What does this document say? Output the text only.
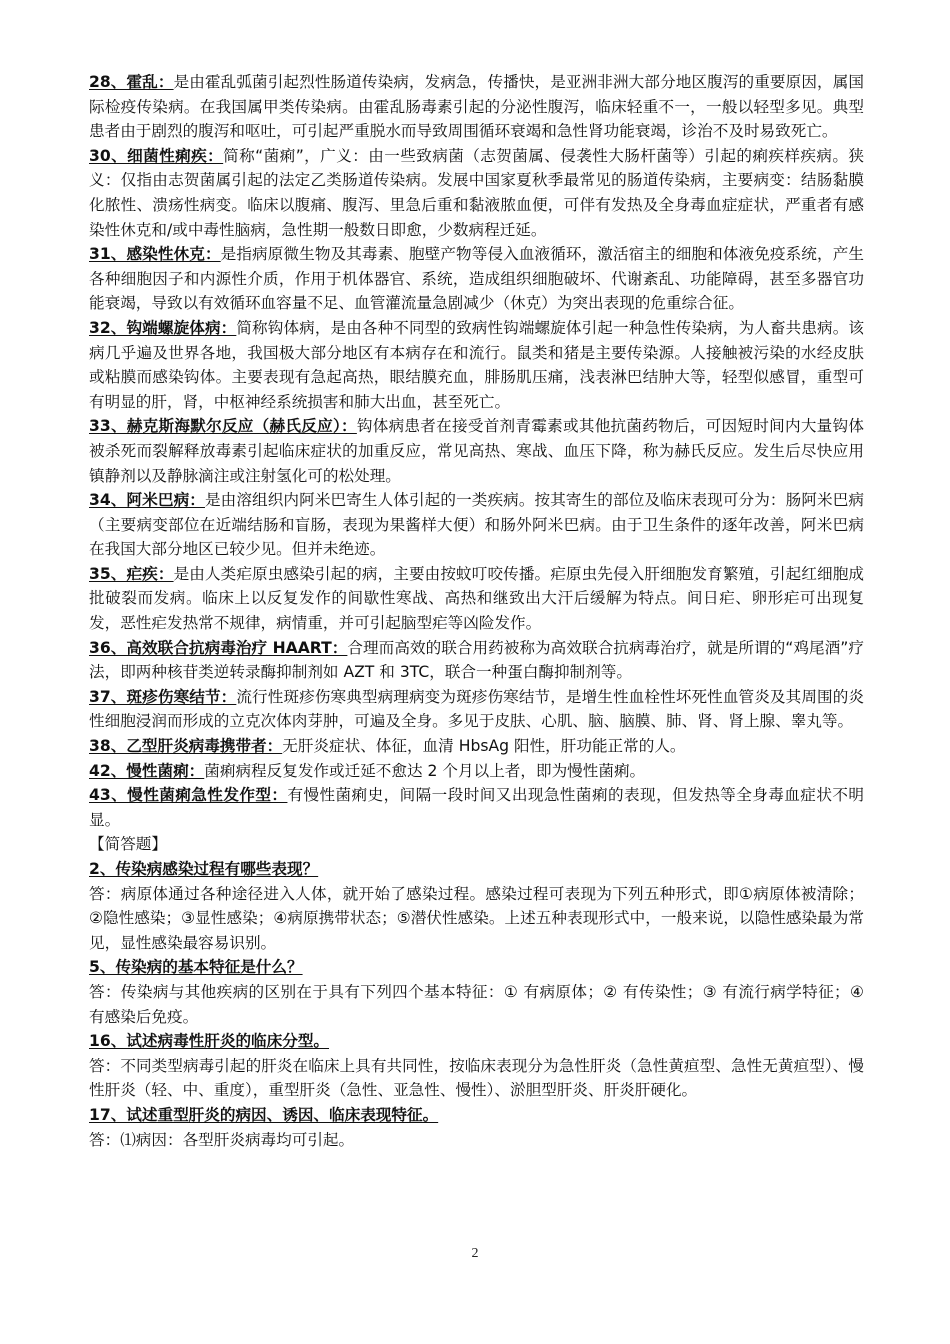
28、霍乱：是由霍乱弧菌引起烈性肠道传染病，发病急，传播快，是亚洲非洲大部分地区腹泻的重要原因，属国际检疫传染病。在我国属甲类传染病。由霍乱肠毒素引起的分泌性腹泻，临床轻重不一，一般以轻型多见。典型患者由于剧烈的腹泻和呕吐，可引起严重脱水而导致周围循环衰竭和急性肾功能衰竭，诊治不及时易致死亡。

30、细菌性痢疾：简称“菌痢”，广义：由一些致病菌（志贺菌属、侵袭性大肠杆菌等）引起的痢疾样疾病。狭义：仅指由志贺菌属引起的法定乙类肠道传染病。发展中国家夏秋季最常见的肠道传染病，主要病变：结肠黏膜化脓性、溃疡性病变。临床以腹痛、腹泻、里急后重和黏液脓血便，可伴有发热及全身毒血症症状，严重者有感染性休克和/或中毒性脑病，急性期一般数日即愈，少数病程迁延。

31、感染性休克：是指病原微生物及其毒素、胞壁产物等侵入血液循环，激活宿主的细胞和体液免疫系统，产生各种细胞因子和内源性介质，作用于机体器官、系统，造成组织细胞破坏、代谢紊乱、功能障碍，甚至多器官功能衰竭，导致以有效循环血容量不足、血管灌流量急剧减少（休克）为突出表现的危重综合征。

32、钩端螺旋体病：简称钩体病，是由各种不同型的致病性钩端螺旋体引起一种急性传染病，为人畜共患病。该病几乎遍及世界各地，我国极大部分地区有本病存在和流行。鼠类和猪是主要传染源。人接触被污染的水经皮肤或粘膜而感染钩体。主要表现有急起高热，眼结膜充血，腓肠肌压痛，浅表淋巴结肿大等，轻型似感冒，重型可有明显的肝，肾，中枢神经系统损害和肺大出血，甚至死亡。

33、赫克斯海默尔反应（赫氏反应）：钩体病患者在接受首剂青霉素或其他抗菌药物后，可因短时间内大量钩体被杀死而裂解释放毒素引起临床症状的加重反应，常见高热、寒战、血压下降，称为赫氏反应。发生后尽快应用镇静剂以及静脉滴注或注射氢化可的松处理。

34、阿米巴病：是由溶组织内阿米巴寄生人体引起的一类疾病。按其寄生的部位及临床表现可分为：肠阿米巴病（主要病变部位在近端结肠和盲肠，表现为果酱样大便）和肠外阿米巴病。由于卫生条件的逐年改善，阿米巴病在我国大部分地区已较少见。但并未绝迹。

35、疟疾：是由人类疟原虫感染引起的病，主要由按蚊叮咬传播。疟原虫先侵入肝细胞发育繁殖，引起红细胞成批破裂而发病。临床上以反复发作的间歇性寒战、高热和继致出大汗后缓解为特点。间日疟、卵形疟可出现复发，恶性疟发热常不规律，病情重，并可引起脑型疟等凶险发作。

36、高效联合抗病毒治疗 HAART：合理而高效的联合用药被称为高效联合抗病毒治疗，就是所谓的“鸡尾酒”疗法，即两种核苷类逆转录酶抑制剂如 AZT 和 3TC，联合一种蛋白酶抑制剂等。

37、斑疹伤寒结节：流行性斑疹伤寒典型病理病变为斑疹伤寒结节，是增生性血栓性坏死性血管炎及其周围的炎性细胞浸润而形成的立克次体肉芽肿，可遍及全身。多见于皮肤、心肌、脑、脑膜、肺、肾、肾上腺、睾丸等。

38、乙型肝炎病毒携带者：无肝炎症状、体征，血清 HbsAg 阳性，肝功能正常的人。

42、慢性菌痢：菌痢病程反复发作或迁延不愈达 2 个月以上者，即为慢性菌痢。

43、慢性菌痢急性发作型：有慢性菌痢史，间隔一段时间又出现急性菌痢的表现，但发热等全身毒血症状不明显。

【简答题】

2、传染病感染过程有哪些表现？

答：病原体通过各种途径进入人体，就开始了感染过程。感染过程可表现为下列五种形式，即①病原体被清除；②隐性感染；③显性感染；④病原携带状态；⑤潜伏性感染。上述五种表现形式中，一般来说，以隐性感染最为常见，显性感染最容易识别。

5、传染病的基本特征是什么？

答：传染病与其他疾病的区别在于具有下列四个基本特征：① 有病原体；② 有传染性；③ 有流行病学特征；④ 有感染后免疫。

16、试述病毒性肝炎的临床分型。

答：不同类型病毒引起的肝炎在临床上具有共同性，按临床表现分为急性肝炎（急性黄疸型、急性无黄疸型）、慢性肝炎（轻、中、重度），重型肝炎（急性、亚急性、慢性）、淤胆型肝炎、肝炎肝硬化。

17、试述重型肝炎的病因、诱因、临床表现特征。

答：⑴病因：各型肝炎病毒均可引起。

2
